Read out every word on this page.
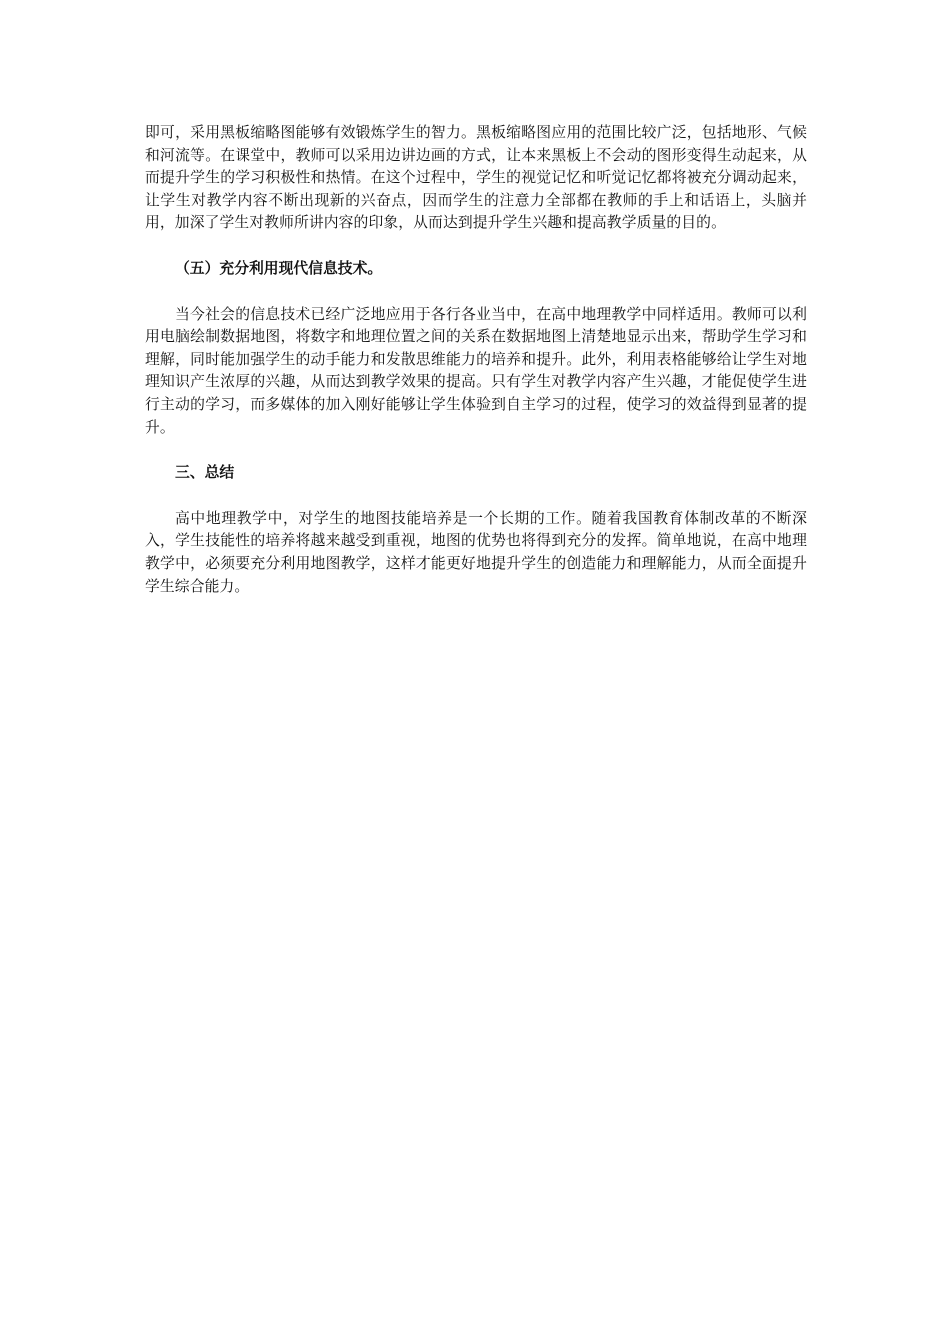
即可，采用黑板缩略图能够有效锻炼学生的智力。黑板缩略图应用的范围比较广泛，包括地形、气候和河流等。在课堂中，教师可以采用边讲边画的方式，让本来黑板上不会动的图形变得生动起来，从而提升学生的学习积极性和热情。在这个过程中，学生的视觉记忆和听觉记忆都将被充分调动起来，让学生对教学内容不断出现新的兴奋点，因而学生的注意力全部都在教师的手上和话语上，头脑并用，加深了学生对教师所讲内容的印象，从而达到提升学生兴趣和提高教学质量的目的。

（五）充分利用现代信息技术。

当今社会的信息技术已经广泛地应用于各行各业当中，在高中地理教学中同样适用。教师可以利用电脑绘制数据地图，将数字和地理位置之间的关系在数据地图上清楚地显示出来，帮助学生学习和理解，同时能加强学生的动手能力和发散思维能力的培养和提升。此外，利用表格能够给让学生对地理知识产生浓厚的兴趣，从而达到教学效果的提高。只有学生对教学内容产生兴趣，才能促使学生进行主动的学习，而多媒体的加入刚好能够让学生体验到自主学习的过程，使学习的效益得到显著的提升。

三、总结

高中地理教学中，对学生的地图技能培养是一个长期的工作。随着我国教育体制改革的不断深入，学生技能性的培养将越来越受到重视，地图的优势也将得到充分的发挥。简单地说，在高中地理教学中，必须要充分利用地图教学，这样才能更好地提升学生的创造能力和理解能力，从而全面提升学生综合能力。
